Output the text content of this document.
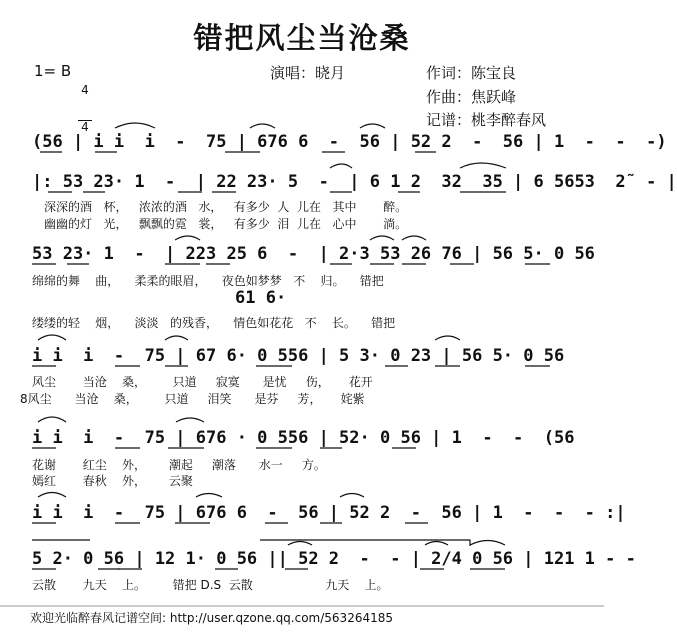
错把风尘当沧桑
1= B

4

4

演唱：晓月	作词：陈宝良
作曲：焦跃峰
记谱：桃李醉春风
(56 | i i  i  -  75 | 676 6  -  56 | 52 2  -  56 | 1  -  -  -)
|: 53 23· 1  -  | 22 23· 5  -  | 6 1 2  32  35 | 6 5653  2̃  - |
深深的酒   杯，   浓浓的酒   水，   有多少  人  儿在   其中       醉。
幽幽的灯   光，   飘飘的霓   裳，   有多少  泪  儿在   心中       淌。
53 23· 1  -  | 223 25 6  -  | 2·3 53 26 76 | 56 5· 0 56
绵绵的舞    曲，    柔柔的眼眉，    夜色如梦梦   不    归。    错把
61 6·
缕缕的轻    烟，    淡淡   的残香，    情色如花花   不    长。    错把
i i  i  -  75 | 67 6· 0 556 | 5 3· 0 23 | 56 5· 0 56
风尘       当沧    桑，       只道     寂寞      是忧     伤，     花开
8风尘      当沧    桑，       只道     泪笑      是芬     芳，     姹紫
i i  i  -  75 | 676 · 0 556 | 52· 0 56 | 1  -  -  (56
花谢       红尘    外，      潮起     潮落      水一     方。
嫣红       春秋    外，      云聚
i i  i  -  75 | 676 6  -  56 | 52 2  -  56 | 1  -  -  - :|
5 2· 0 56 | 12 1· 0 56 || 52 2  -  - | 2/4 0 56 | 121 1 - -
云散       九天    上。       错把 D.S  云散                   九天    上。
欢迎光临醉春风记谱空间: http://user.qzone.qq.com/563264185
